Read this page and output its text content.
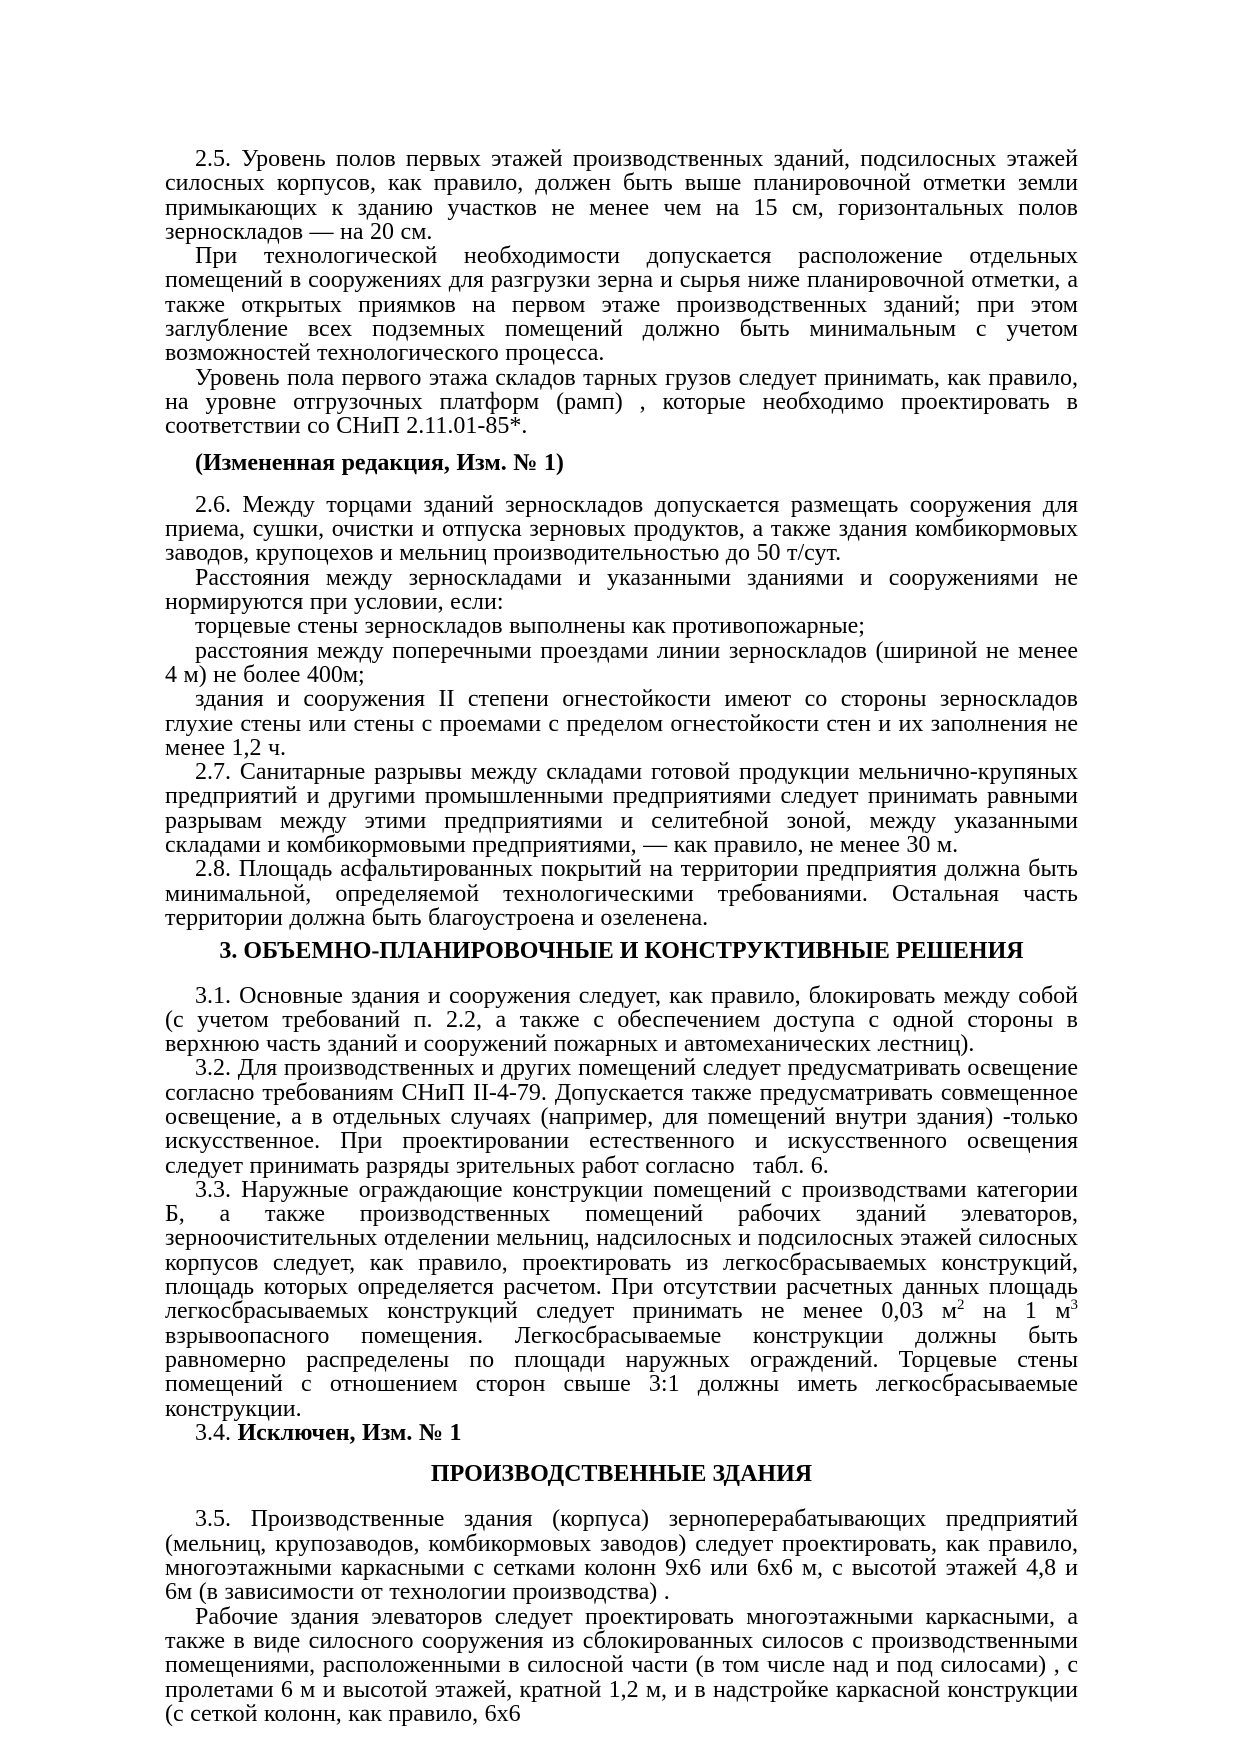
2.5. Уровень полов первых этажей производственных зданий, подсилосных этажей силосных корпусов, как правило, должен быть выше планировочной отметки земли примыкающих к зданию участков не менее чем на 15 см, горизонтальных полов зерноскладов — на 20 см.

При технологической необходимости допускается расположение отдельных помещений в сооружениях для разгрузки зерна и сырья ниже планировочной отметки, а также открытых приямков на первом этаже производственных зданий; при этом заглубление всех подземных помещений должно быть минимальным с учетом возможностей технологического процесса.

Уровень пола первого этажа складов тарных грузов следует принимать, как правило, на уровне отгрузочных платформ (рамп) , которые необходимо проектировать в соответствии со СНиП 2.11.01-85*.

(Измененная редакция, Изм. № 1)

2.6. Между торцами зданий зерноскладов допускается размещать сооружения для приема, сушки, очистки и отпуска зерновых продуктов, а также здания комбикормовых заводов, крупоцехов и мельниц производительностью до 50 т/сут.

Расстояния между зерноскладами и указанными зданиями и сооружениями не нормируются при условии, если:

торцевые стены зерноскладов выполнены как противопожарные;

расстояния между поперечными проездами линии зерноскладов (шириной не менее 4 м) не более 400м;

здания и сооружения II степени огнестойкости имеют со стороны зерноскладов глухие стены или стены с проемами с пределом огнестойкости стен и их заполнения не менее 1,2 ч.

2.7. Санитарные разрывы между складами готовой продукции мельнично-крупяных предприятий и другими промышленными предприятиями следует принимать равными разрывам между этими предприятиями и селитебной зоной, между указанными складами и комбикормовыми предприятиями, — как правило, не менее 30 м.

2.8. Площадь асфальтированных покрытий на территории предприятия должна быть минимальной, определяемой технологическими требованиями. Остальная часть территории должна быть благоустроена и озеленена.

3. ОБЪЕМНО-ПЛАНИРОВОЧНЫЕ И КОНСТРУКТИВНЫЕ РЕШЕНИЯ

3.1. Основные здания и сооружения следует, как правило, блокировать между собой (с учетом требований п. 2.2, а также с обеспечением доступа с одной стороны в верхнюю часть зданий и сооружений пожарных и автомеханических лестниц).

3.2. Для производственных и других помещений следует предусматривать освещение согласно требованиям СНиП II-4-79. Допускается также предусматривать совмещенное освещение, а в отдельных случаях (например, для помещений внутри здания) -только искусственное. При проектировании естественного и искусственного освещения следует принимать разряды зрительных работ согласно  табл. 6.

3.3. Наружные ограждающие конструкции помещений с производствами категории Б, а также производственных помещений рабочих зданий элеваторов, зерноочистительных отделении мельниц, надсилосных и подсилосных этажей силосных корпусов следует, как правило, проектировать из легкосбрасываемых конструкций, площадь которых определяется расчетом. При отсутствии расчетных данных площадь легкосбрасываемых конструкций следует принимать не менее 0,03 $м^2$ на 1 $м^3$ взрывоопасного помещения. Легкосбрасываемые конструкции должны быть равномерно распределены по площади наружных ограждений. Торцевые стены помещений с отношением сторон свыше 3:1 должны иметь легкосбрасываемые конструкции.

3.4. Исключен, Изм. № 1

ПРОИЗВОДСТВЕННЫЕ ЗДАНИЯ

3.5. Производственные здания (корпуса) зерноперерабатывающих предприятий (мельниц, крупозаводов, комбикормовых заводов) следует проектировать, как правило, многоэтажными каркасными с сетками колонн 9х6 или 6х6 м, с высотой этажей 4,8 и 6м (в зависимости от технологии производства) .

Рабочие здания элеваторов следует проектировать многоэтажными каркасными, а также в виде силосного сооружения из сблокированных силосов с производственными помещениями, расположенными в силосной части (в том числе над и под силосами) , с пролетами 6 м и высотой этажей, кратной 1,2 м, и в надстройке каркасной конструкции (с сеткой колонн, как правило, 6х6
